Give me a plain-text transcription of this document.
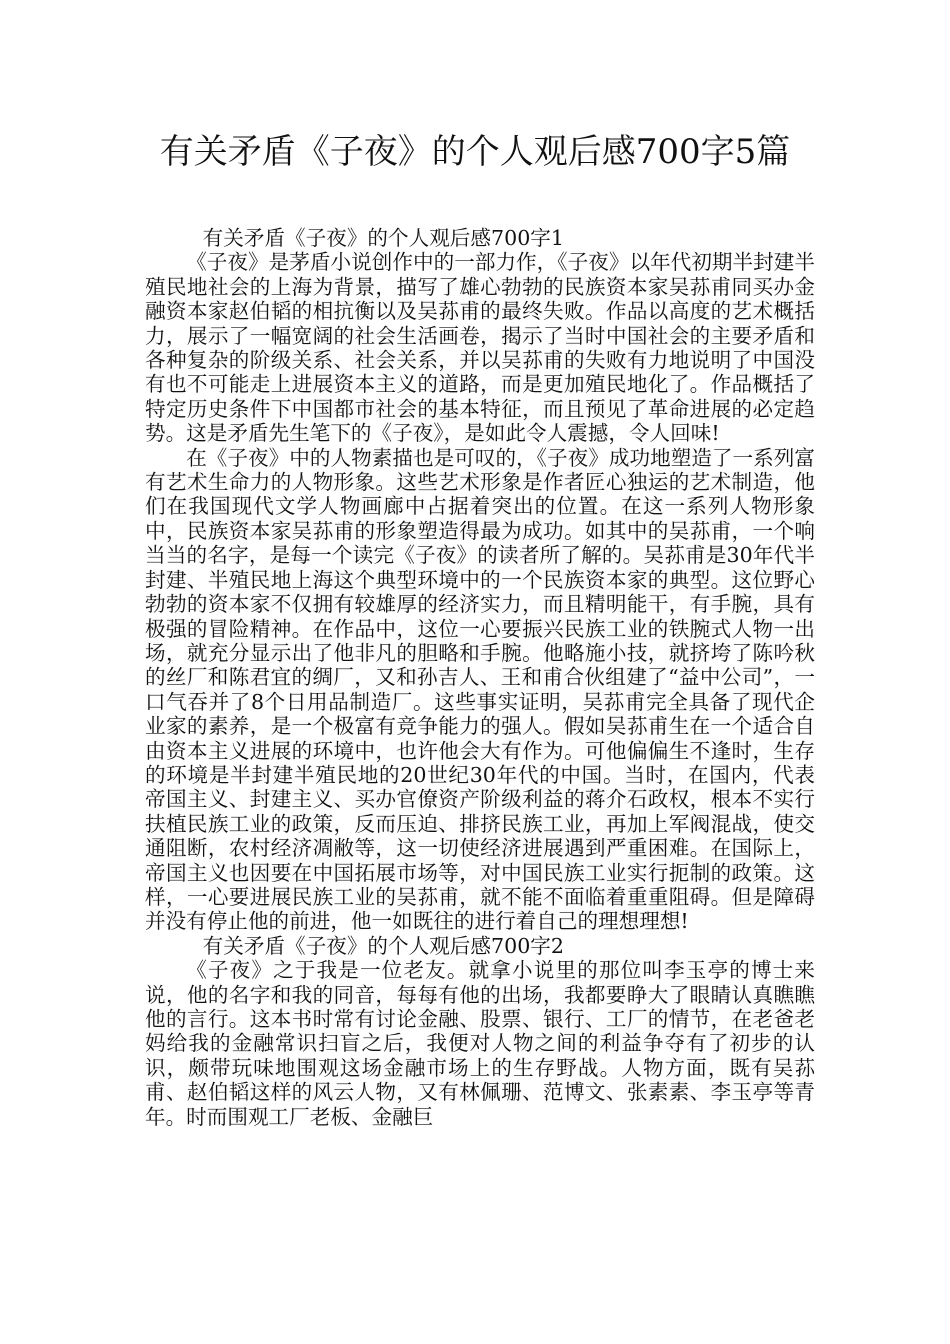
有关矛盾《子夜》的个人观后感700字5篇

有关矛盾《子夜》的个人观后感700字1

《子夜》是茅盾小说创作中的一部力作，《子夜》以年代初期半封建半殖民地社会的上海为背景，描写了雄心勃勃的民族资本家吴荪甫同买办金融资本家赵伯韬的相抗衡以及吴荪甫的最终失败。作品以高度的艺术概括力，展示了一幅宽阔的社会生活画卷，揭示了当时中国社会的主要矛盾和各种复杂的阶级关系、社会关系，并以吴荪甫的失败有力地说明了中国没有也不可能走上进展资本主义的道路，而是更加殖民地化了。作品概括了特定历史条件下中国都市社会的基本特征，而且预见了革命进展的必定趋势。这是矛盾先生笔下的《子夜》，是如此令人震撼，令人回味!

在《子夜》中的人物素描也是可叹的，《子夜》成功地塑造了一系列富有艺术生命力的人物形象。这些艺术形象是作者匠心独运的艺术制造，他们在我国现代文学人物画廊中占据着突出的位置。在这一系列人物形象中，民族资本家吴荪甫的形象塑造得最为成功。如其中的吴荪甫，一个响当当的名字，是每一个读完《子夜》的读者所了解的。吴荪甫是30年代半封建、半殖民地上海这个典型环境中的一个民族资本家的典型。这位野心勃勃的资本家不仅拥有较雄厚的经济实力，而且精明能干，有手腕，具有极强的冒险精神。在作品中，这位一心要振兴民族工业的铁腕式人物一出场，就充分显示出了他非凡的胆略和手腕。他略施小技，就挤垮了陈吟秋的丝厂和陈君宜的绸厂，又和孙吉人、王和甫合伙组建了“益中公司”，一口气吞并了8个日用品制造厂。这些事实证明，吴荪甫完全具备了现代企业家的素养，是一个极富有竞争能力的强人。假如吴荪甫生在一个适合自由资本主义进展的环境中，也许他会大有作为。可他偏偏生不逢时，生存的环境是半封建半殖民地的20世纪30年代的中国。当时，在国内，代表帝国主义、封建主义、买办官僚资产阶级利益的蒋介石政权，根本不实行扶植民族工业的政策，反而压迫、排挤民族工业，再加上军阀混战，使交通阻断，农村经济凋敝等，这一切使经济进展遇到严重困难。在国际上，帝国主义也因要在中国拓展市场等，对中国民族工业实行扼制的政策。这样，一心要进展民族工业的吴荪甫，就不能不面临着重重阻碍。但是障碍并没有停止他的前进，他一如既往的进行着自己的理想理想!

有关矛盾《子夜》的个人观后感700字2

《子夜》之于我是一位老友。就拿小说里的那位叫李玉亭的博士来说，他的名字和我的同音，每每有他的出场，我都要睁大了眼睛认真瞧瞧他的言行。这本书时常有讨论金融、股票、银行、工厂的情节，在老爸老妈给我的金融常识扫盲之后，我便对人物之间的利益争夺有了初步的认识，颇带玩味地围观这场金融市场上的生存野战。人物方面，既有吴荪甫、赵伯韬这样的风云人物，又有林佩珊、范博文、张素素、李玉亭等青年。时而围观工厂老板、金融巨
